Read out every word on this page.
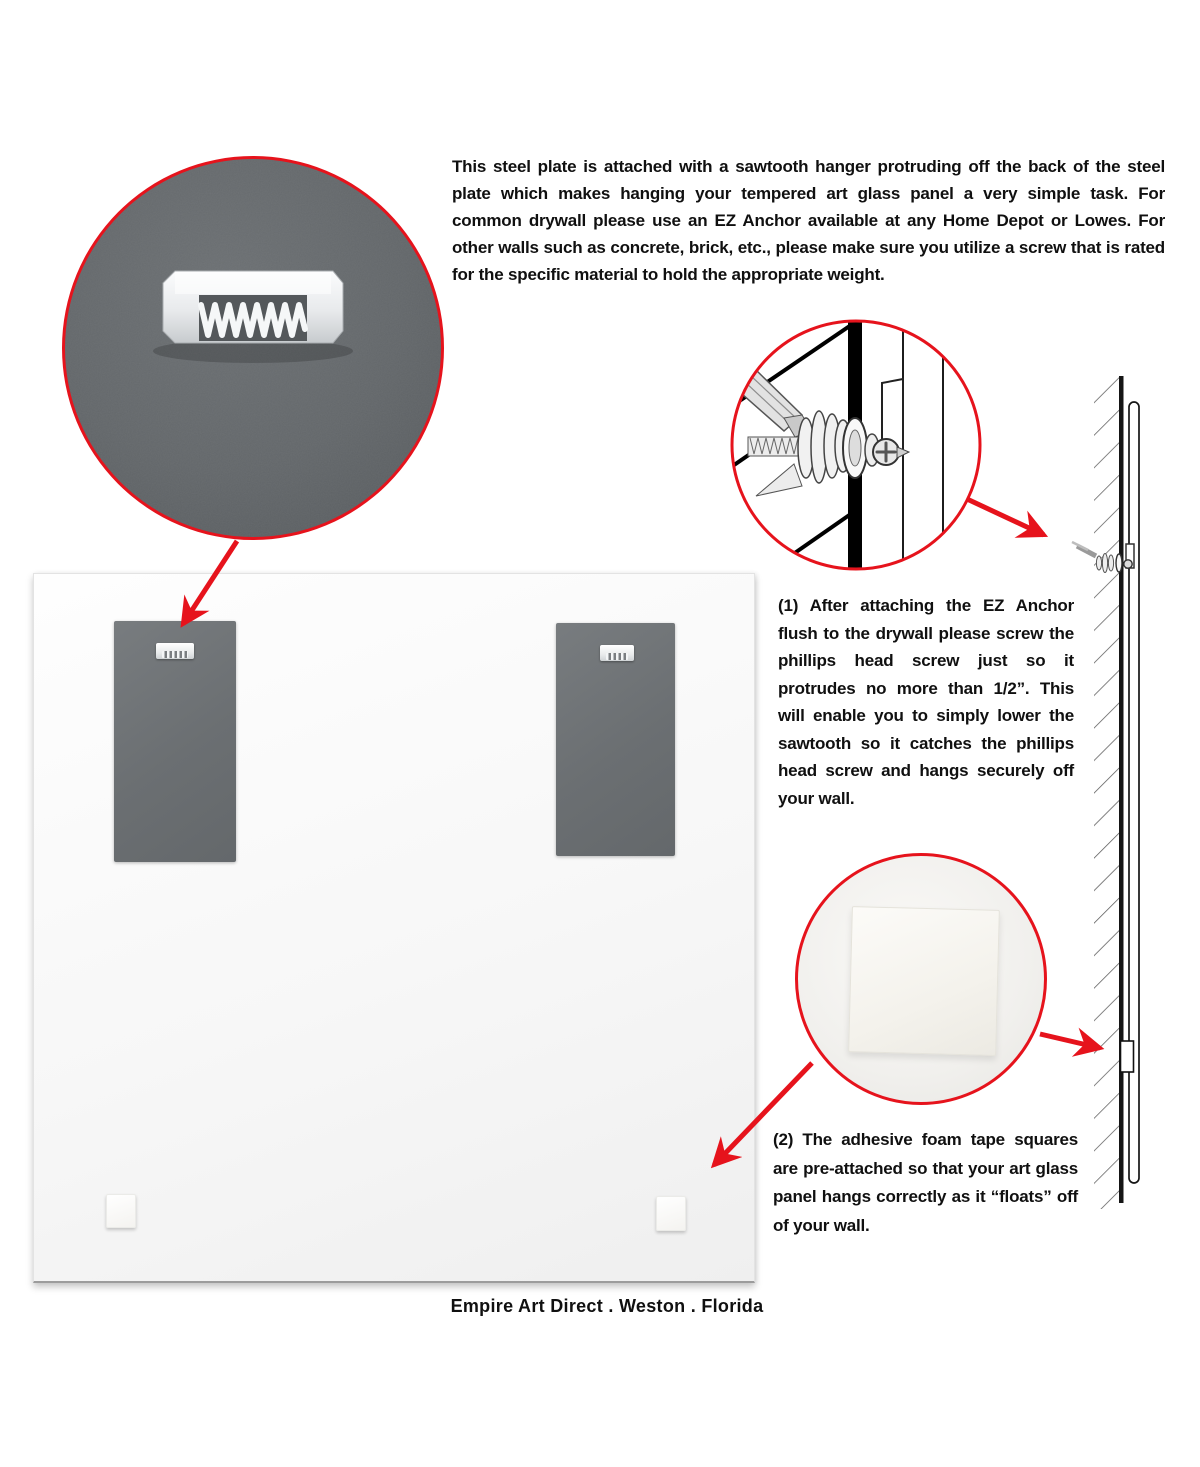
This steel plate is attached with a sawtooth hanger protruding off the back of the steel plate which makes hanging your tempered art glass panel a very simple task. For common drywall please use an EZ Anchor available at any Home Depot or Lowes. For other walls such as concrete, brick, etc., please make sure you utilize a screw that is rated for the specific material to hold the appropriate weight.
(1) After attaching the EZ Anchor flush to the drywall please screw the phillips head screw just so it protrudes no more than 1/2”. This will enable you to simply lower the sawtooth so it catches the phillips head screw and hangs securely off your wall.
(2) The adhesive foam tape squares are pre-attached so that your art glass panel hangs correctly as it “floats” off of your wall.
Empire Art Direct . Weston . Florida
